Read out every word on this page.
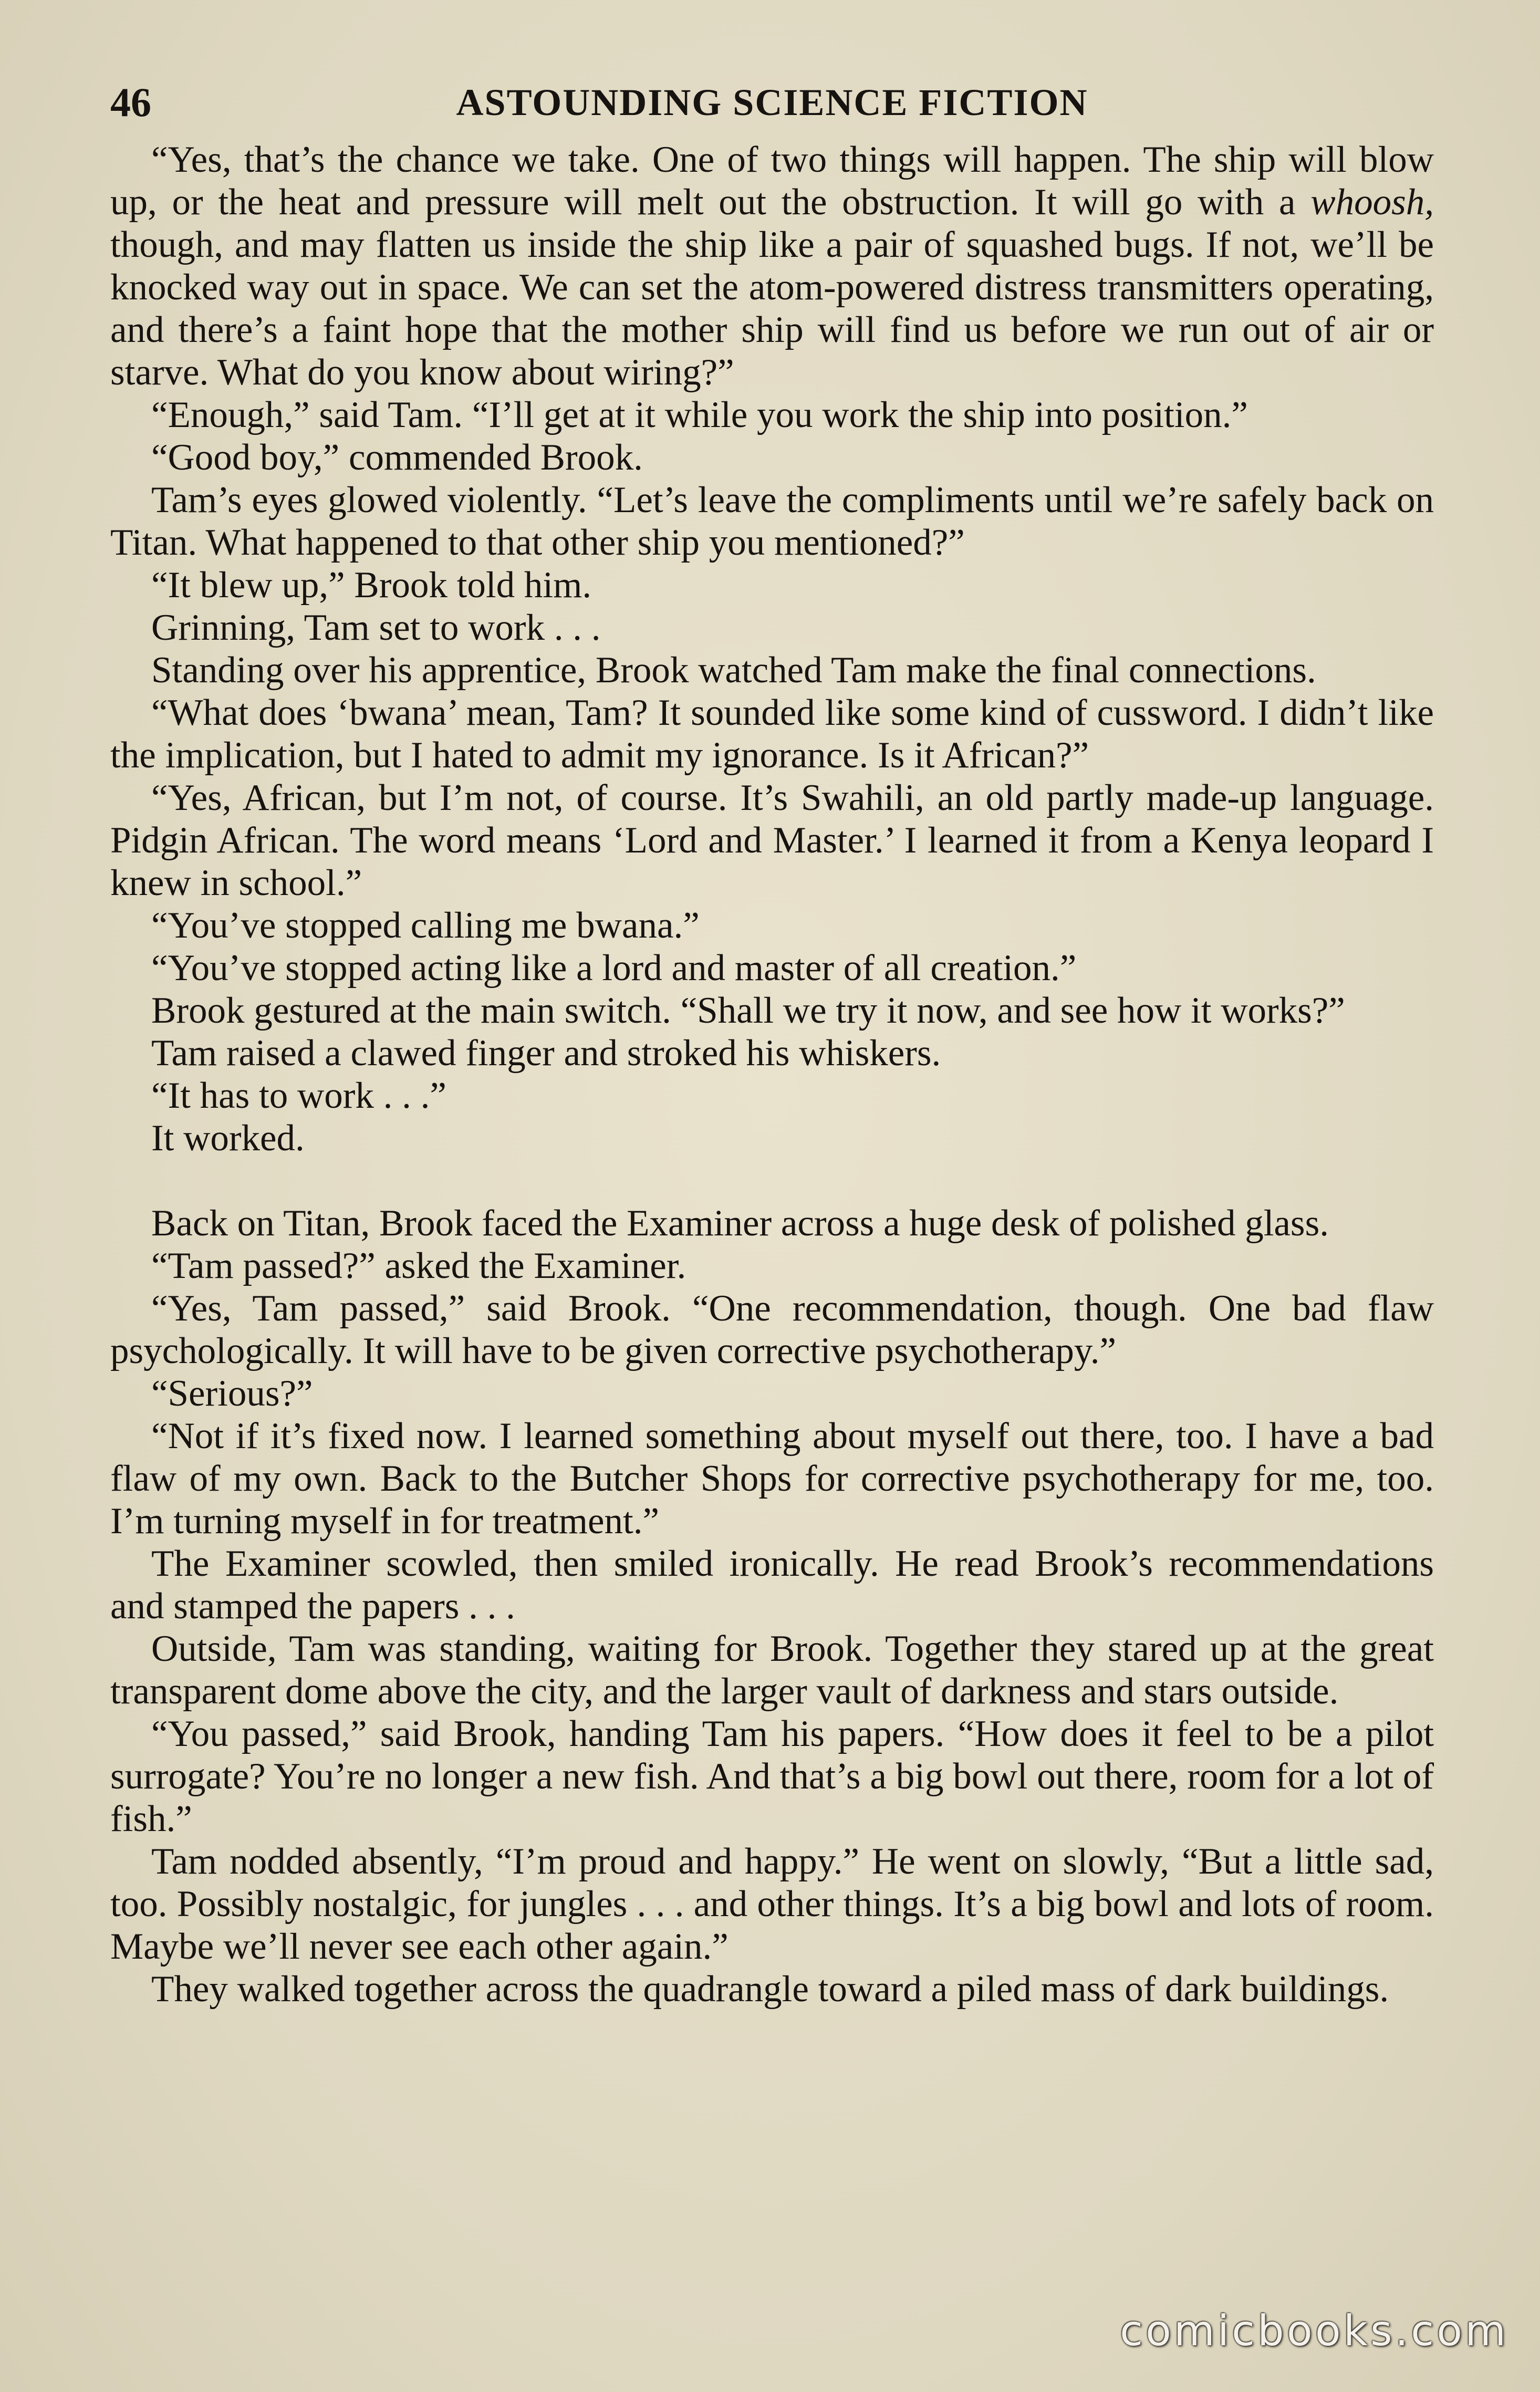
46	ASTOUNDING SCIENCE FICTION

“Yes, that’s the chance we take. One of two things will happen. The ship will blow up, or the heat and pressure will melt out the obstruction. It will go with a whoosh, though, and may flatten us inside the ship like a pair of squashed bugs. If not, we’ll be knocked way out in space. We can set the atom-powered distress transmitters operating, and there’s a faint hope that the mother ship will find us before we run out of air or starve. What do you know about wiring?”

“Enough,” said Tam. “I’ll get at it while you work the ship into position.”

“Good boy,” commended Brook.

Tam’s eyes glowed violently. “Let’s leave the compliments until we’re safely back on Titan. What happened to that other ship you mentioned?”

“It blew up,” Brook told him.

Grinning, Tam set to work . . .

Standing over his apprentice, Brook watched Tam make the final connections.

“What does ‘bwana’ mean, Tam? It sounded like some kind of cussword. I didn’t like the implication, but I hated to admit my ignorance. Is it African?”

“Yes, African, but I’m not, of course. It’s Swahili, an old partly made-up language. Pidgin African. The word means ‘Lord and Master.’ I learned it from a Kenya leopard I knew in school.”

“You’ve stopped calling me bwana.”

“You’ve stopped acting like a lord and master of all creation.”

Brook gestured at the main switch. “Shall we try it now, and see how it works?”

Tam raised a clawed finger and stroked his whiskers.

“It has to work . . .”

It worked.

Back on Titan, Brook faced the Examiner across a huge desk of polished glass.

“Tam passed?” asked the Examiner.

“Yes, Tam passed,” said Brook. “One recommendation, though. One bad flaw psychologically. It will have to be given corrective psychotherapy.”

“Serious?”

“Not if it’s fixed now. I learned something about myself out there, too. I have a bad flaw of my own. Back to the Butcher Shops for corrective psychotherapy for me, too. I’m turning myself in for treatment.”

The Examiner scowled, then smiled ironically. He read Brook’s recommendations and stamped the papers . . .

Outside, Tam was standing, waiting for Brook. Together they stared up at the great transparent dome above the city, and the larger vault of darkness and stars outside.

“You passed,” said Brook, handing Tam his papers. “How does it feel to be a pilot surrogate? You’re no longer a new fish. And that’s a big bowl out there, room for a lot of fish.”

Tam nodded absently, “I’m proud and happy.” He went on slowly, “But a little sad, too. Possibly nostalgic, for jungles . . . and other things. It’s a big bowl and lots of room. Maybe we’ll never see each other again.”

They walked together across the quadrangle toward a piled mass of dark buildings.

comicbooks.com
